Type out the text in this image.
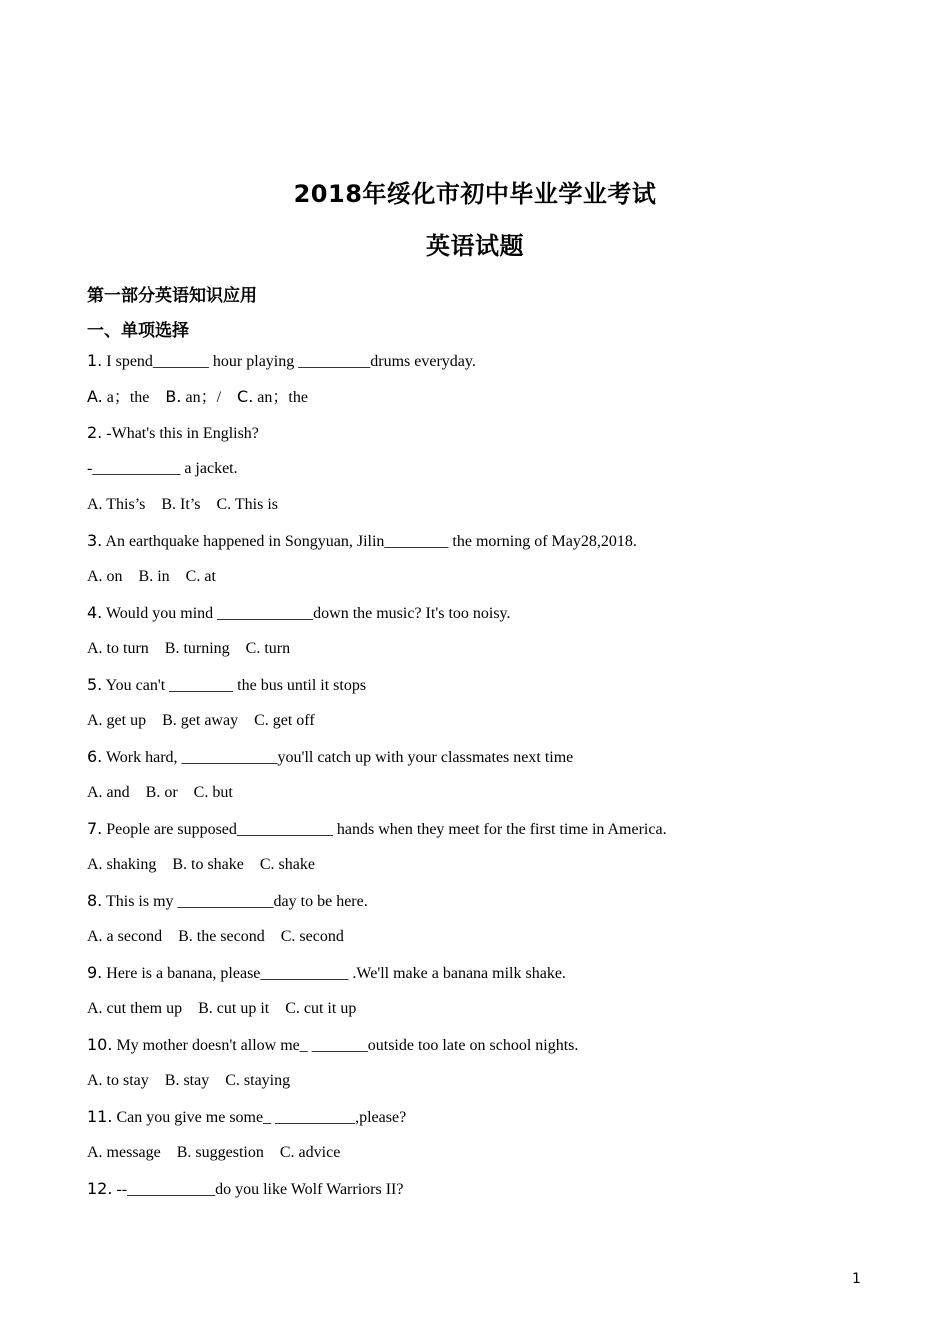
2018年绥化市初中毕业学业考试
英语试题
第一部分英语知识应用
一、单项选择
1. I spend_______ hour playing _________drums everyday.
A. a；the    B. an；/    C. an；the
2. -What's this in English?
-___________ a jacket.
A. This’s    B. It’s    C. This is
3. An earthquake happened in Songyuan, Jilin________ the morning of May28,2018.
A. on    B. in    C. at
4. Would you mind ____________down the music? It's too noisy.
A. to turn    B. turning    C. turn
5. You can't ________ the bus until it stops
A. get up    B. get away    C. get off
6. Work hard, ____________you'll catch up with your classmates next time
A. and    B. or    C. but
7. People are supposed____________ hands when they meet for the first time in America.
A. shaking    B. to shake    C. shake
8. This is my ____________day to be here.
A. a second    B. the second    C. second
9. Here is a banana, please___________ .We'll make a banana milk shake.
A. cut them up    B. cut up it    C. cut it up
10. My mother doesn't allow me_ _______outside too late on school nights.
A. to stay    B. stay    C. staying
11. Can you give me some_ __________,please?
A. message    B. suggestion    C. advice
12. --___________do you like Wolf Warriors II?
1
